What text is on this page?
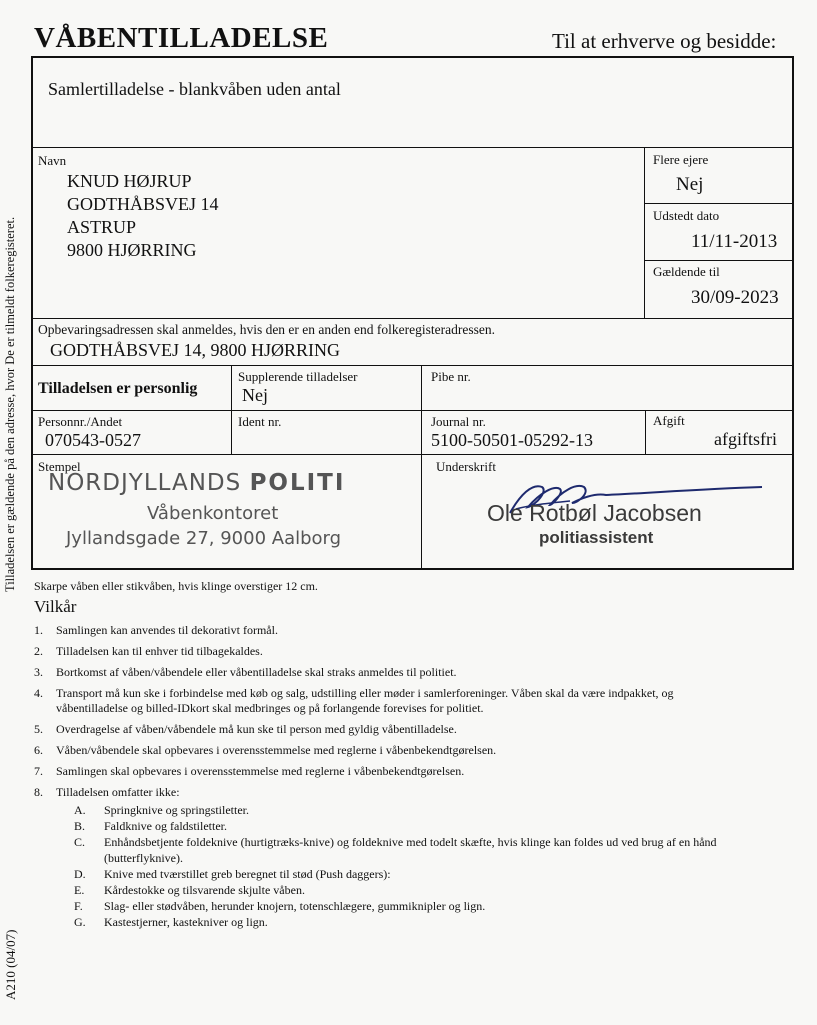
VÅBENTILLADELSE	Til at erhverve og besidde:
Tilladelsen er gældende på den adresse, hvor De er tilmeldt folkeregisteret.
A210 (04/07)
Samlertilladelse - blankvåben uden antal
Navn
KNUD HØJRUP
GODTHÅBSVEJ 14
ASTRUP
9800 HJØRRING
Flere ejere
Nej
Udstedt dato
11/11-2013
Gældende til
30/09-2023
Opbevaringsadressen skal anmeldes, hvis den er en anden end folkeregisteradressen.
GODTHÅBSVEJ 14, 9800 HJØRRING
Tilladelsen er personlig
Supplerende tilladelser
Nej
Pibe nr.
Personnr./Andet
070543-0527
Ident nr.	Journal nr.
5100-50501-05292-13
Afgift
afgiftsfri
Stempel
NORDJYLLANDS POLITI
Våbenkontoret
Jyllandsgade 27, 9000 Aalborg
Underskrift
Ole Rotbøl Jacobsen
politiassistent
Skarpe våben eller stikvåben, hvis klinge overstiger 12 cm.
Vilkår
1. Samlingen kan anvendes til dekorativt formål.
2. Tilladelsen kan til enhver tid tilbagekaldes.
3. Bortkomst af våben/våbendele eller våbentilladelse skal straks anmeldes til politiet.
4. Transport må kun ske i forbindelse med køb og salg, udstilling eller møder i samlerforeninger. Våben skal da være indpakket, og våbentilladelse og billed-IDkort skal medbringes og på forlangende forevises for politiet.
5. Overdragelse af våben/våbendele må kun ske til person med gyldig våbentilladelse.
6. Våben/våbendele skal opbevares i overensstemmelse med reglerne i våbenbekendtgørelsen.
7. Samlingen skal opbevares i overensstemmelse med reglerne i våbenbekendtgørelsen.
8. Tilladelsen omfatter ikke:
A. Springknive og springstiletter.
B. Faldknive og faldstiletter.
C. Enhåndsbetjente foldeknive (hurtigtræks-knive) og foldeknive med todelt skæfte, hvis klinge kan foldes ud ved brug af en hånd (butterflyknive).
D. Knive med tværstillet greb beregnet til stød (Push daggers):
E. Kårdestokke og tilsvarende skjulte våben.
F. Slag- eller stødvåben, herunder knojern, totenschlægere, gummiknipler og lign.
G. Kastestjerner, kastekniver og lign.
